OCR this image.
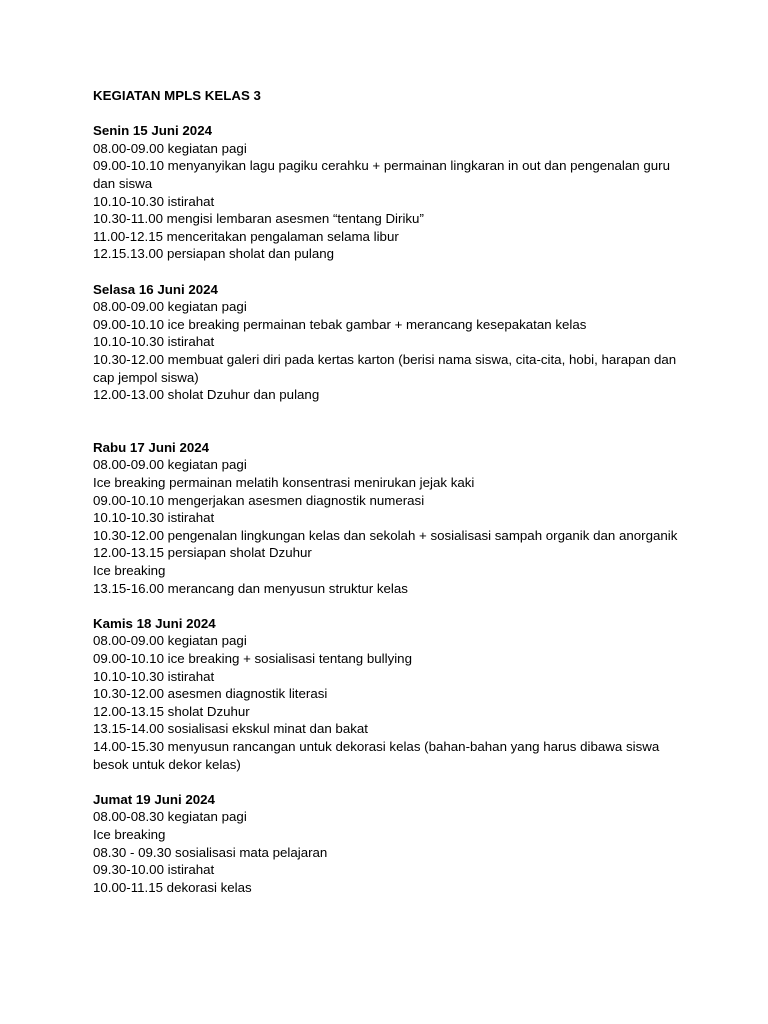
KEGIATAN MPLS KELAS 3
Senin 15 Juni 2024
08.00-09.00 kegiatan pagi
09.00-10.10 menyanyikan lagu pagiku cerahku + permainan lingkaran in out dan pengenalan guru dan siswa
10.10-10.30 istirahat
10.30-11.00 mengisi lembaran asesmen “tentang Diriku”
11.00-12.15 menceritakan pengalaman selama libur
12.15.13.00 persiapan sholat dan pulang
Selasa 16 Juni 2024
08.00-09.00 kegiatan pagi
09.00-10.10 ice breaking permainan tebak gambar + merancang kesepakatan kelas
10.10-10.30 istirahat
10.30-12.00 membuat galeri diri pada kertas karton (berisi nama siswa, cita-cita, hobi, harapan dan cap jempol siswa)
12.00-13.00 sholat Dzuhur dan pulang
Rabu 17 Juni 2024
08.00-09.00 kegiatan pagi
Ice breaking permainan melatih konsentrasi menirukan jejak kaki
09.00-10.10 mengerjakan asesmen diagnostik numerasi
10.10-10.30 istirahat
10.30-12.00 pengenalan lingkungan kelas dan sekolah + sosialisasi sampah organik dan anorganik
12.00-13.15 persiapan sholat Dzuhur
Ice breaking
13.15-16.00 merancang dan menyusun struktur kelas
Kamis 18 Juni 2024
08.00-09.00 kegiatan pagi
09.00-10.10 ice breaking + sosialisasi tentang bullying
10.10-10.30 istirahat
10.30-12.00 asesmen diagnostik literasi
12.00-13.15 sholat Dzuhur
13.15-14.00 sosialisasi ekskul minat dan bakat
14.00-15.30 menyusun rancangan untuk dekorasi kelas (bahan-bahan yang harus dibawa siswa besok untuk dekor kelas)
Jumat 19 Juni 2024
08.00-08.30 kegiatan pagi
Ice breaking
08.30 - 09.30 sosialisasi mata pelajaran
09.30-10.00 istirahat
10.00-11.15 dekorasi kelas
